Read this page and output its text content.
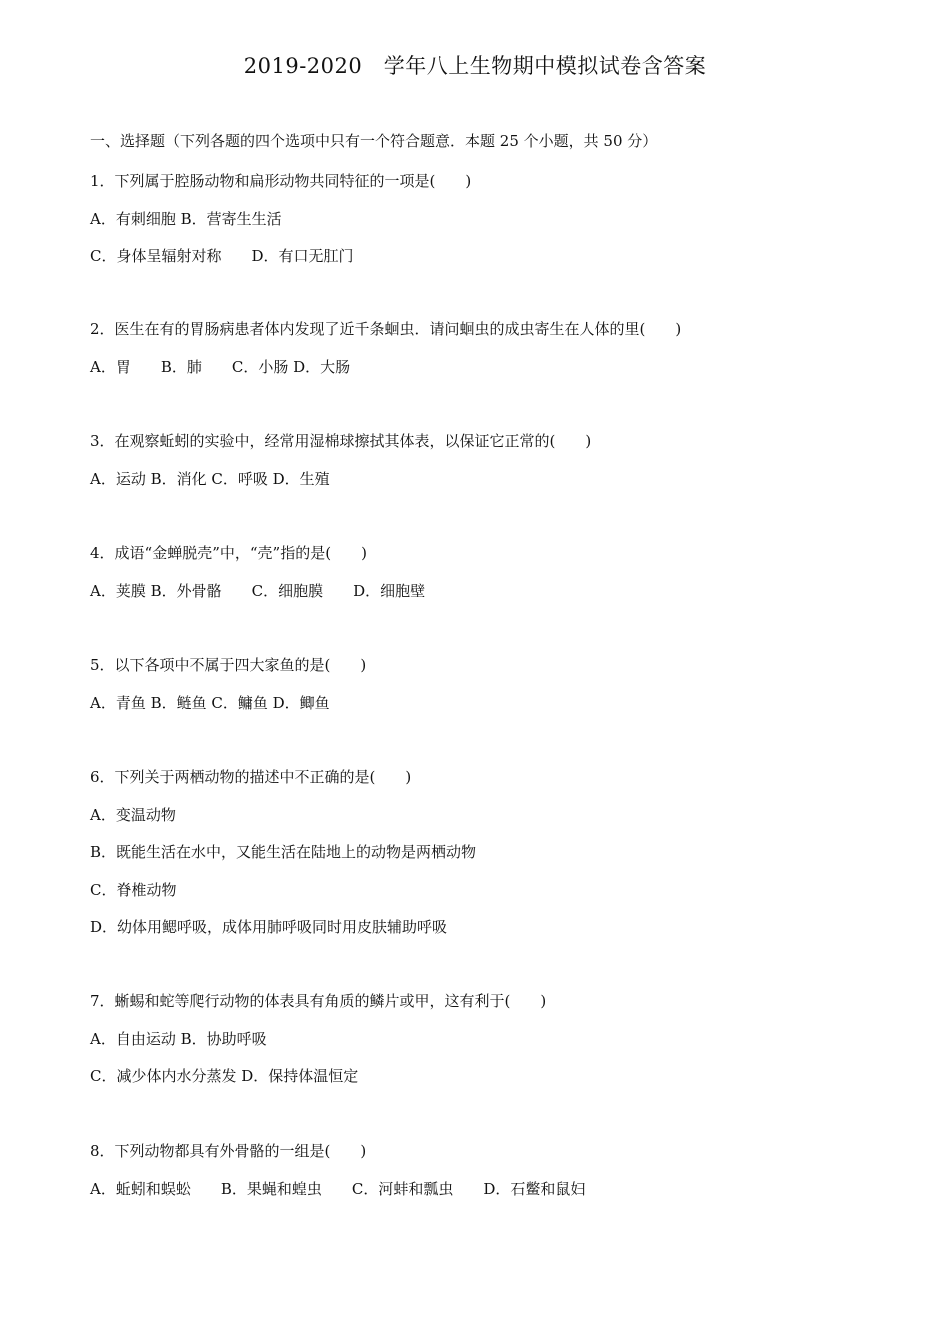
2019-2020　学年八上生物期中模拟试卷含答案
一、选择题（下列各题的四个选项中只有一个符合题意．本题 25 个小题，共 50 分）
1．下列属于腔肠动物和扁形动物共同特征的一项是(　　)
A．有刺细胞 B．营寄生生活
C．身体呈辐射对称　　D．有口无肛门
2．医生在有的胃肠病患者体内发现了近千条蛔虫．请问蛔虫的成虫寄生在人体的里(　　)
A．胃　　B．肺　　C．小肠 D．大肠
3．在观察蚯蚓的实验中，经常用湿棉球擦拭其体表，以保证它正常的(　　)
A．运动 B．消化 C．呼吸 D．生殖
4．成语“金蝉脱壳”中，“壳”指的是(　　)
A．荚膜 B．外骨骼　　C．细胞膜　　D．细胞壁
5．以下各项中不属于四大家鱼的是(　　)
A．青鱼 B．鲢鱼 C．鳙鱼 D．鲫鱼
6．下列关于两栖动物的描述中不正确的是(　　)
A．变温动物
B．既能生活在水中，又能生活在陆地上的动物是两栖动物
C．脊椎动物
D．幼体用鳃呼吸，成体用肺呼吸同时用皮肤辅助呼吸
7．蜥蜴和蛇等爬行动物的体表具有角质的鳞片或甲，这有利于(　　)
A．自由运动 B．协助呼吸
C．减少体内水分蒸发 D．保持体温恒定
8．下列动物都具有外骨骼的一组是(　　)
A．蚯蚓和蜈蚣　　B．果蝇和蝗虫　　C．河蚌和瓢虫　　D．石鳖和鼠妇
